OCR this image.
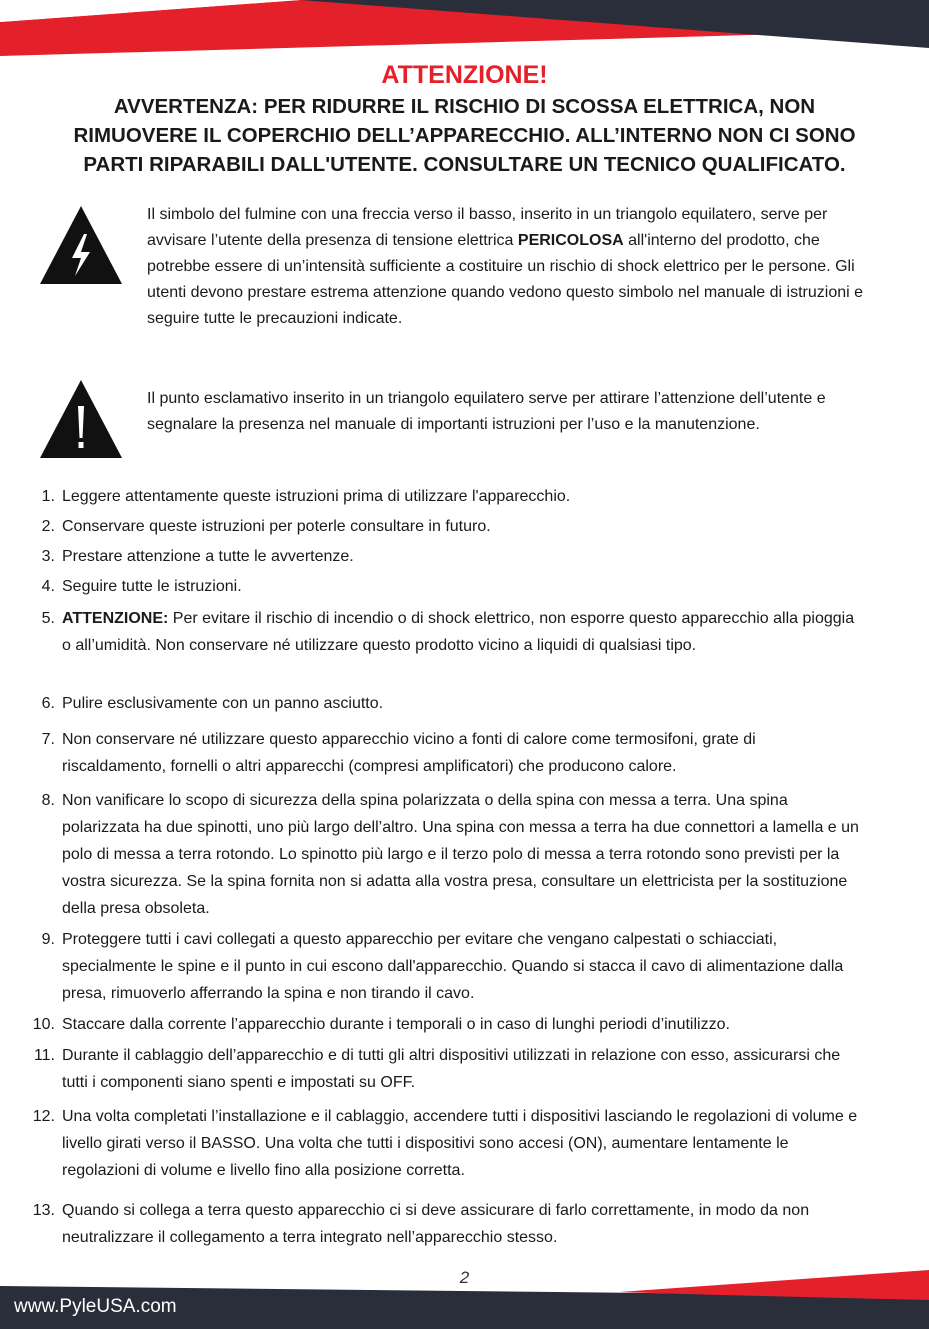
ATTENZIONE!
AVVERTENZA: PER RIDURRE IL RISCHIO DI SCOSSA ELETTRICA, NON
RIMUOVERE IL COPERCHIO DELL’APPARECCHIO. ALL’INTERNO NON CI SONO
PARTI RIPARABILI DALL'UTENTE. CONSULTARE UN TECNICO QUALIFICATO.
Il simbolo del fulmine con una freccia verso il basso, inserito in un triangolo equilatero, serve per avvisare l’utente della presenza di tensione elettrica PERICOLOSA all'interno del prodotto, che potrebbe essere di un’intensità sufficiente a costituire un rischio di shock elettrico per le persone. Gli utenti devono prestare estrema attenzione quando vedono questo simbolo nel manuale di istruzioni e seguire tutte le precauzioni indicate.
Il punto esclamativo inserito in un triangolo equilatero serve per attirare l’attenzione dell’utente e segnalare la presenza nel manuale di importanti istruzioni per l’uso e la manutenzione.
1. Leggere attentamente queste istruzioni prima di utilizzare l'apparecchio.
2. Conservare queste istruzioni per poterle consultare in futuro.
3. Prestare attenzione a tutte le avvertenze.
4. Seguire tutte le istruzioni.
5. ATTENZIONE: Per evitare il rischio di incendio o di shock elettrico, non esporre questo apparecchio alla pioggia o all’umidità. Non conservare né utilizzare questo prodotto vicino a liquidi di qualsiasi tipo.
6. Pulire esclusivamente con un panno asciutto.
7. Non conservare né utilizzare questo apparecchio vicino a fonti di calore come termosifoni, grate di riscaldamento, fornelli o altri apparecchi (compresi amplificatori) che producono calore.
8. Non vanificare lo scopo di sicurezza della spina polarizzata o della spina con messa a terra. Una spina polarizzata ha due spinotti, uno più largo dell’altro. Una spina con messa a terra ha due connettori a lamella e un polo di messa a terra rotondo. Lo spinotto più largo e il terzo polo di messa a terra rotondo sono previsti per la vostra sicurezza. Se la spina fornita non si adatta alla vostra presa, consultare un elettricista per la sostituzione della presa obsoleta.
9. Proteggere tutti i cavi collegati a questo apparecchio per evitare che vengano calpestati o schiacciati, specialmente le spine e il punto in cui escono dall'apparecchio. Quando si stacca il cavo di alimentazione dalla presa, rimuoverlo afferrando la spina e non tirando il cavo.
10. Staccare dalla corrente l’apparecchio durante i temporali o in caso di lunghi periodi d’inutilizzo.
11. Durante il cablaggio dell’apparecchio e di tutti gli altri dispositivi utilizzati in relazione con esso, assicurarsi che tutti i componenti siano spenti e impostati su OFF.
12. Una volta completati l’installazione e il cablaggio, accendere tutti i dispositivi lasciando le regolazioni di volume e livello girati verso il BASSO. Una volta che tutti i dispositivi sono accesi (ON), aumentare lentamente le regolazioni di volume e livello fino alla posizione corretta.
13. Quando si collega a terra questo apparecchio ci si deve assicurare di farlo correttamente, in modo da non neutralizzare il collegamento a terra integrato nell’apparecchio stesso.
2
www.PyleUSA.com
